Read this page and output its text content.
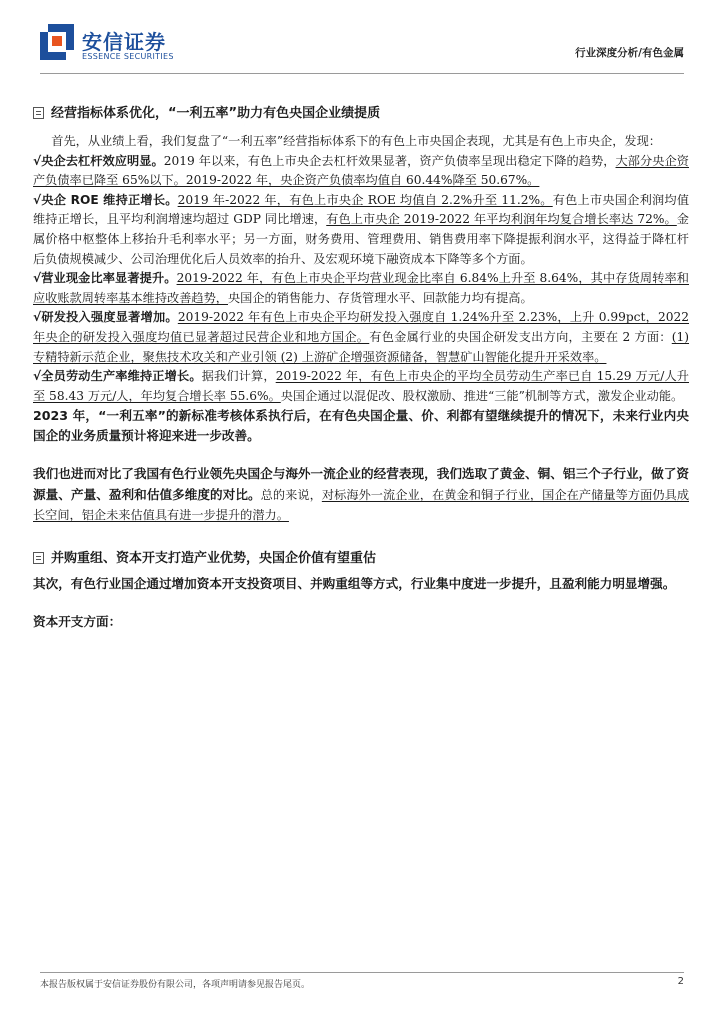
安信证券
ESSENCE SECURITIES	行业深度分析/有色金属
经营指标体系优化，“一利五率”助力有色央国企业绩提质

首先，从业绩上看，我们复盘了“一利五率”经营指标体系下的有色上市央国企表现，尤其是有色上市央企，发现：

√央企去杠杆效应明显。2019 年以来，有色上市央企去杠杆效果显著，资产负债率呈现出稳定下降的趋势，大部分央企资产负债率已降至 65%以下。2019-2022 年，央企资产负债率均值自 60.44%降至 50.67%。

√央企 ROE 维持正增长。2019 年-2022 年，有色上市央企 ROE 均值自 2.2%升至 11.2%。有色上市央国企利润均值维持正增长，且平均利润增速均超过 GDP 同比增速，有色上市央企 2019-2022 年平均利润年均复合增长率达 72%。金属价格中枢整体上移抬升毛利率水平；另一方面，财务费用、管理费用、销售费用率下降提振利润水平，这得益于降杠杆后负债规模减少、公司治理优化后人员效率的抬升、及宏观环境下融资成本下降等多个方面。

√营业现金比率显著提升。2019-2022 年，有色上市央企平均营业现金比率自 6.84%上升至 8.64%，其中存货周转率和应收账款周转率基本维持改善趋势，央国企的销售能力、存货管理水平、回款能力均有提高。

√研发投入强度显著增加。2019-2022 年有色上市央企平均研发投入强度自 1.24%升至 2.23%，上升 0.99pct，2022 年央企的研发投入强度均值已显著超过民营企业和地方国企。有色金属行业的央国企研发支出方向，主要在 2 方面：(1) 专精特新示范企业，聚焦技术攻关和产业引领 (2) 上游矿企增强资源储备，智慧矿山智能化提升开采效率。

√全员劳动生产率维持正增长。据我们计算，2019-2022 年，有色上市央企的平均全员劳动生产率已自 15.29 万元/人升至 58.43 万元/人，年均复合增长率 55.6%。央国企通过以混促改、股权激励、推进“三能”机制等方式，激发企业动能。

2023 年，“一利五率”的新标准考核体系执行后，在有色央国企量、价、利都有望继续提升的情况下，未来行业内央国企的业务质量预计将迎来进一步改善。

我们也进而对比了我国有色行业领先央国企与海外一流企业的经营表现，我们选取了黄金、铜、铝三个子行业，做了资源量、产量、盈利和估值多维度的对比。总的来说，对标海外一流企业，在黄金和铜子行业，国企在产储量等方面仍具成长空间，铝企未来估值具有进一步提升的潜力。

并购重组、资本开支打造产业优势，央国企价值有望重估

其次，有色行业国企通过增加资本开支投资项目、并购重组等方式，行业集中度进一步提升，且盈利能力明显增强。

资本开支方面：

本报告版权属于安信证券股份有限公司，各项声明请参见报告尾页。	2
